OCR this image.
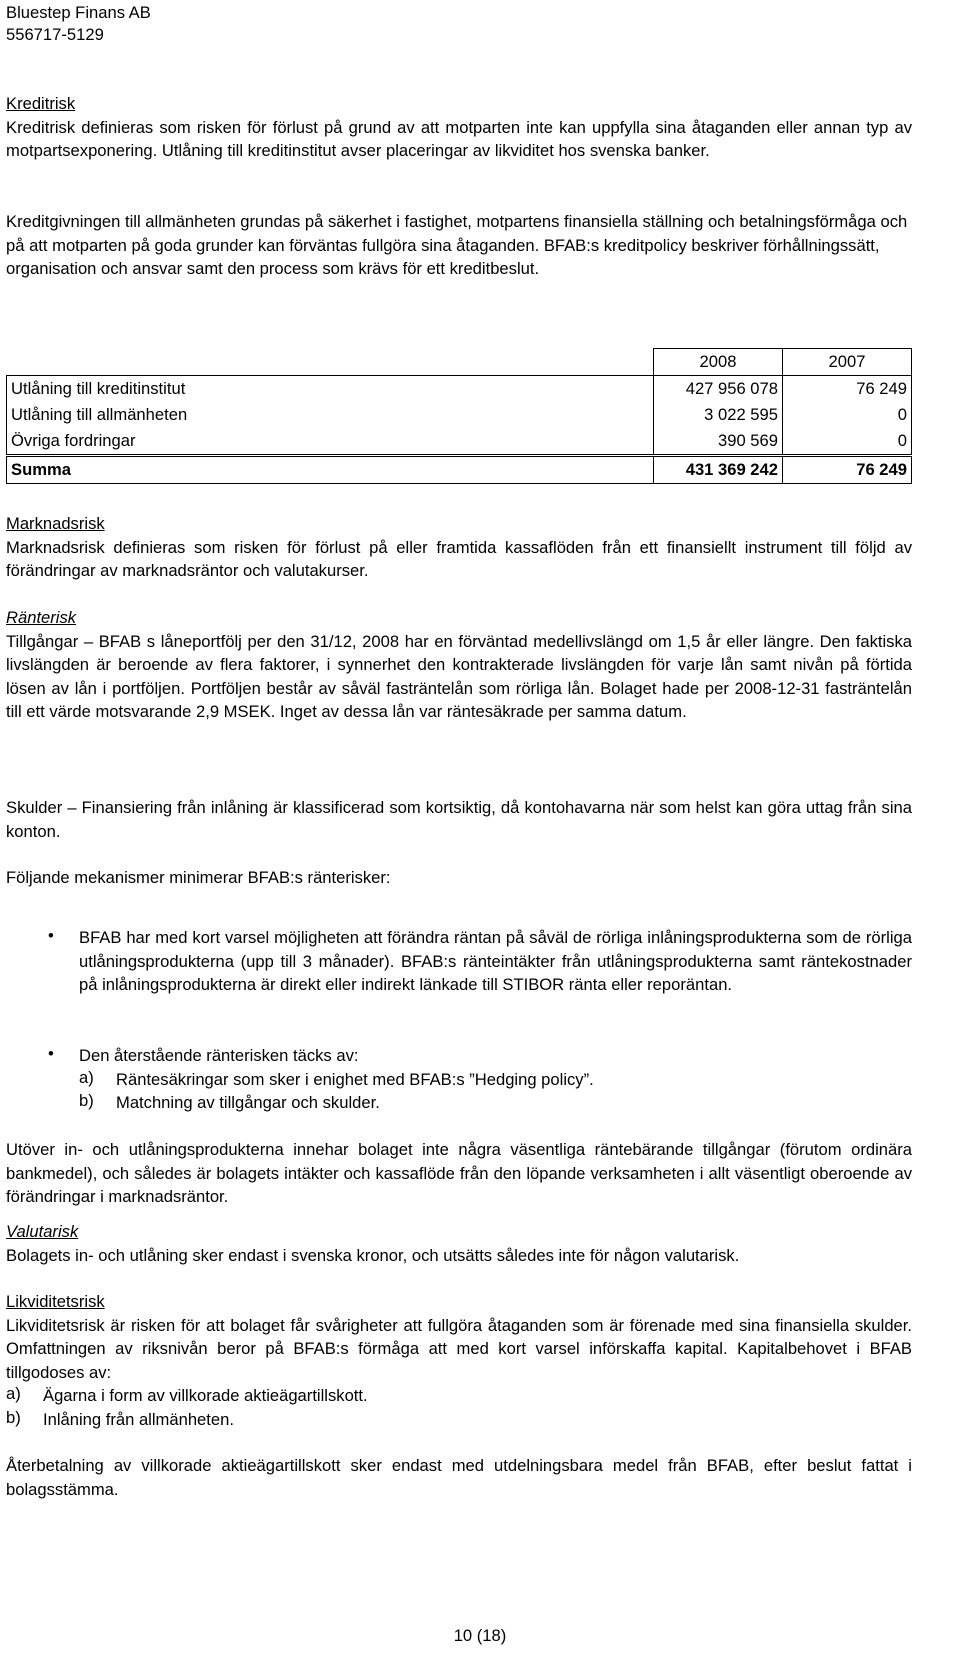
Bluestep Finans AB
556717-5129

Kreditrisk

Kreditrisk definieras som risken för förlust på grund av att motparten inte kan uppfylla sina åtaganden eller annan typ av motpartsexponering. Utlåning till kreditinstitut avser placeringar av likviditet hos svenska banker.

Kreditgivningen till allmänheten grundas på säkerhet i fastighet, motpartens finansiella ställning och betalningsförmåga och på att motparten på goda grunder kan förväntas fullgöra sina åtaganden. BFAB:s kreditpolicy beskriver förhållningssätt, organisation och ansvar samt den process som krävs för ett kreditbeslut.

	2008	2007
Utlåning till kreditinstitut	427 956 078	76 249
Utlåning till allmänheten	3 022 595	0
Övriga fordringar	390 569	0
Summa	431 369 242	76 249

Marknadsrisk

Marknadsrisk definieras som risken för förlust på eller framtida kassaflöden från ett finansiellt instrument till följd av förändringar av marknadsräntor och valutakurser.

Ränterisk

Tillgångar – BFAB s låneportfölj per den 31/12, 2008 har en förväntad medellivslängd om 1,5 år eller längre. Den faktiska livslängden är beroende av flera faktorer, i synnerhet den kontrakterade livslängden för varje lån samt nivån på förtida lösen av lån i portföljen. Portföljen består av såväl fasträntelån som rörliga lån. Bolaget hade per 2008-12-31 fasträntelån till ett värde motsvarande 2,9 MSEK. Inget av dessa lån var räntesäkrade per samma datum.

Skulder – Finansiering från inlåning är klassificerad som kortsiktig, då kontohavarna när som helst kan göra uttag från sina konton.

Följande mekanismer minimerar BFAB:s ränterisker:

• BFAB har med kort varsel möjligheten att förändra räntan på såväl de rörliga inlåningsprodukterna som de rörliga utlåningsprodukterna (upp till 3 månader). BFAB:s ränteintäkter från utlåningsprodukterna samt räntekostnader på inlåningsprodukterna är direkt eller indirekt länkade till STIBOR ränta eller reporäntan.

• Den återstående ränterisken täcks av:

a) Räntesäkringar som sker i enighet med BFAB:s ”Hedging policy”.

b) Matchning av tillgångar och skulder.

Utöver in- och utlåningsprodukterna innehar bolaget inte några väsentliga räntebärande tillgångar (förutom ordinära bankmedel), och således är bolagets intäkter och kassaflöde från den löpande verksamheten i allt väsentligt oberoende av förändringar i marknadsräntor.

Valutarisk

Bolagets in- och utlåning sker endast i svenska kronor, och utsätts således inte för någon valutarisk.

Likviditetsrisk

Likviditetsrisk är risken för att bolaget får svårigheter att fullgöra åtaganden som är förenade med sina finansiella skulder. Omfattningen av riksnivån beror på BFAB:s förmåga att med kort varsel införskaffa kapital. Kapitalbehovet i BFAB tillgodoses av:

a) Ägarna i form av villkorade aktieägartillskott.

b) Inlåning från allmänheten.

Återbetalning av villkorade aktieägartillskott sker endast med utdelningsbara medel från BFAB, efter beslut fattat i bolagsstämma.

10 (18)
